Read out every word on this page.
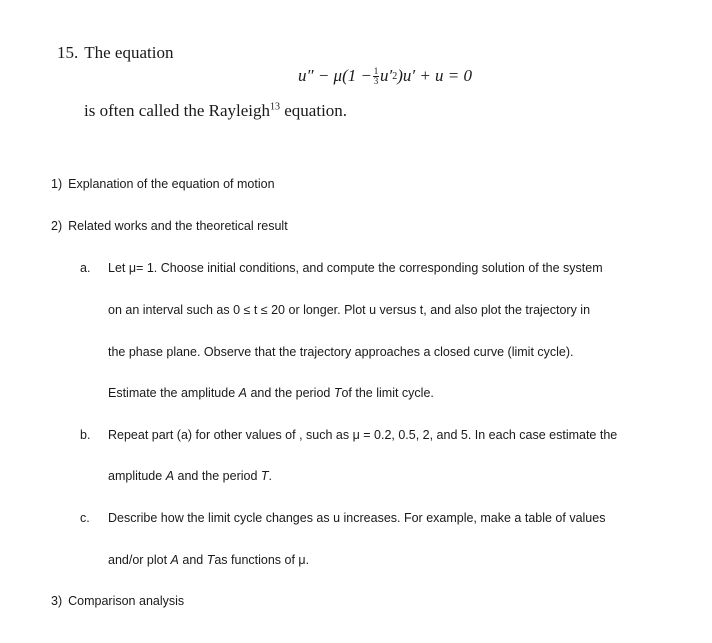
15. The equation
$u'' - \mu(1 - \frac{1}{3} u'$ 2 )u′ + u = 0
is often called the Rayleigh$^{13}$ equation.
1) Explanation of the equation of motion
2) Related works and the theoretical result
a. Let μ= 1. Choose initial conditions, and compute the corresponding solution of the system
on an interval such as 0 ≤ t ≤ 20 or longer. Plot u versus t, and also plot the trajectory in
the phase plane. Observe that the trajectory approaches a closed curve (limit cycle).
Estimate the amplitude A and the period Tof the limit cycle.
b. Repeat part (a) for other values of , such as μ = 0.2, 0.5, 2, and 5. In each case estimate the
amplitude A and the period T.
c. Describe how the limit cycle changes as u increases. For example, make a table of values
and/or plot A and Tas functions of μ.
3) Comparison analysis
